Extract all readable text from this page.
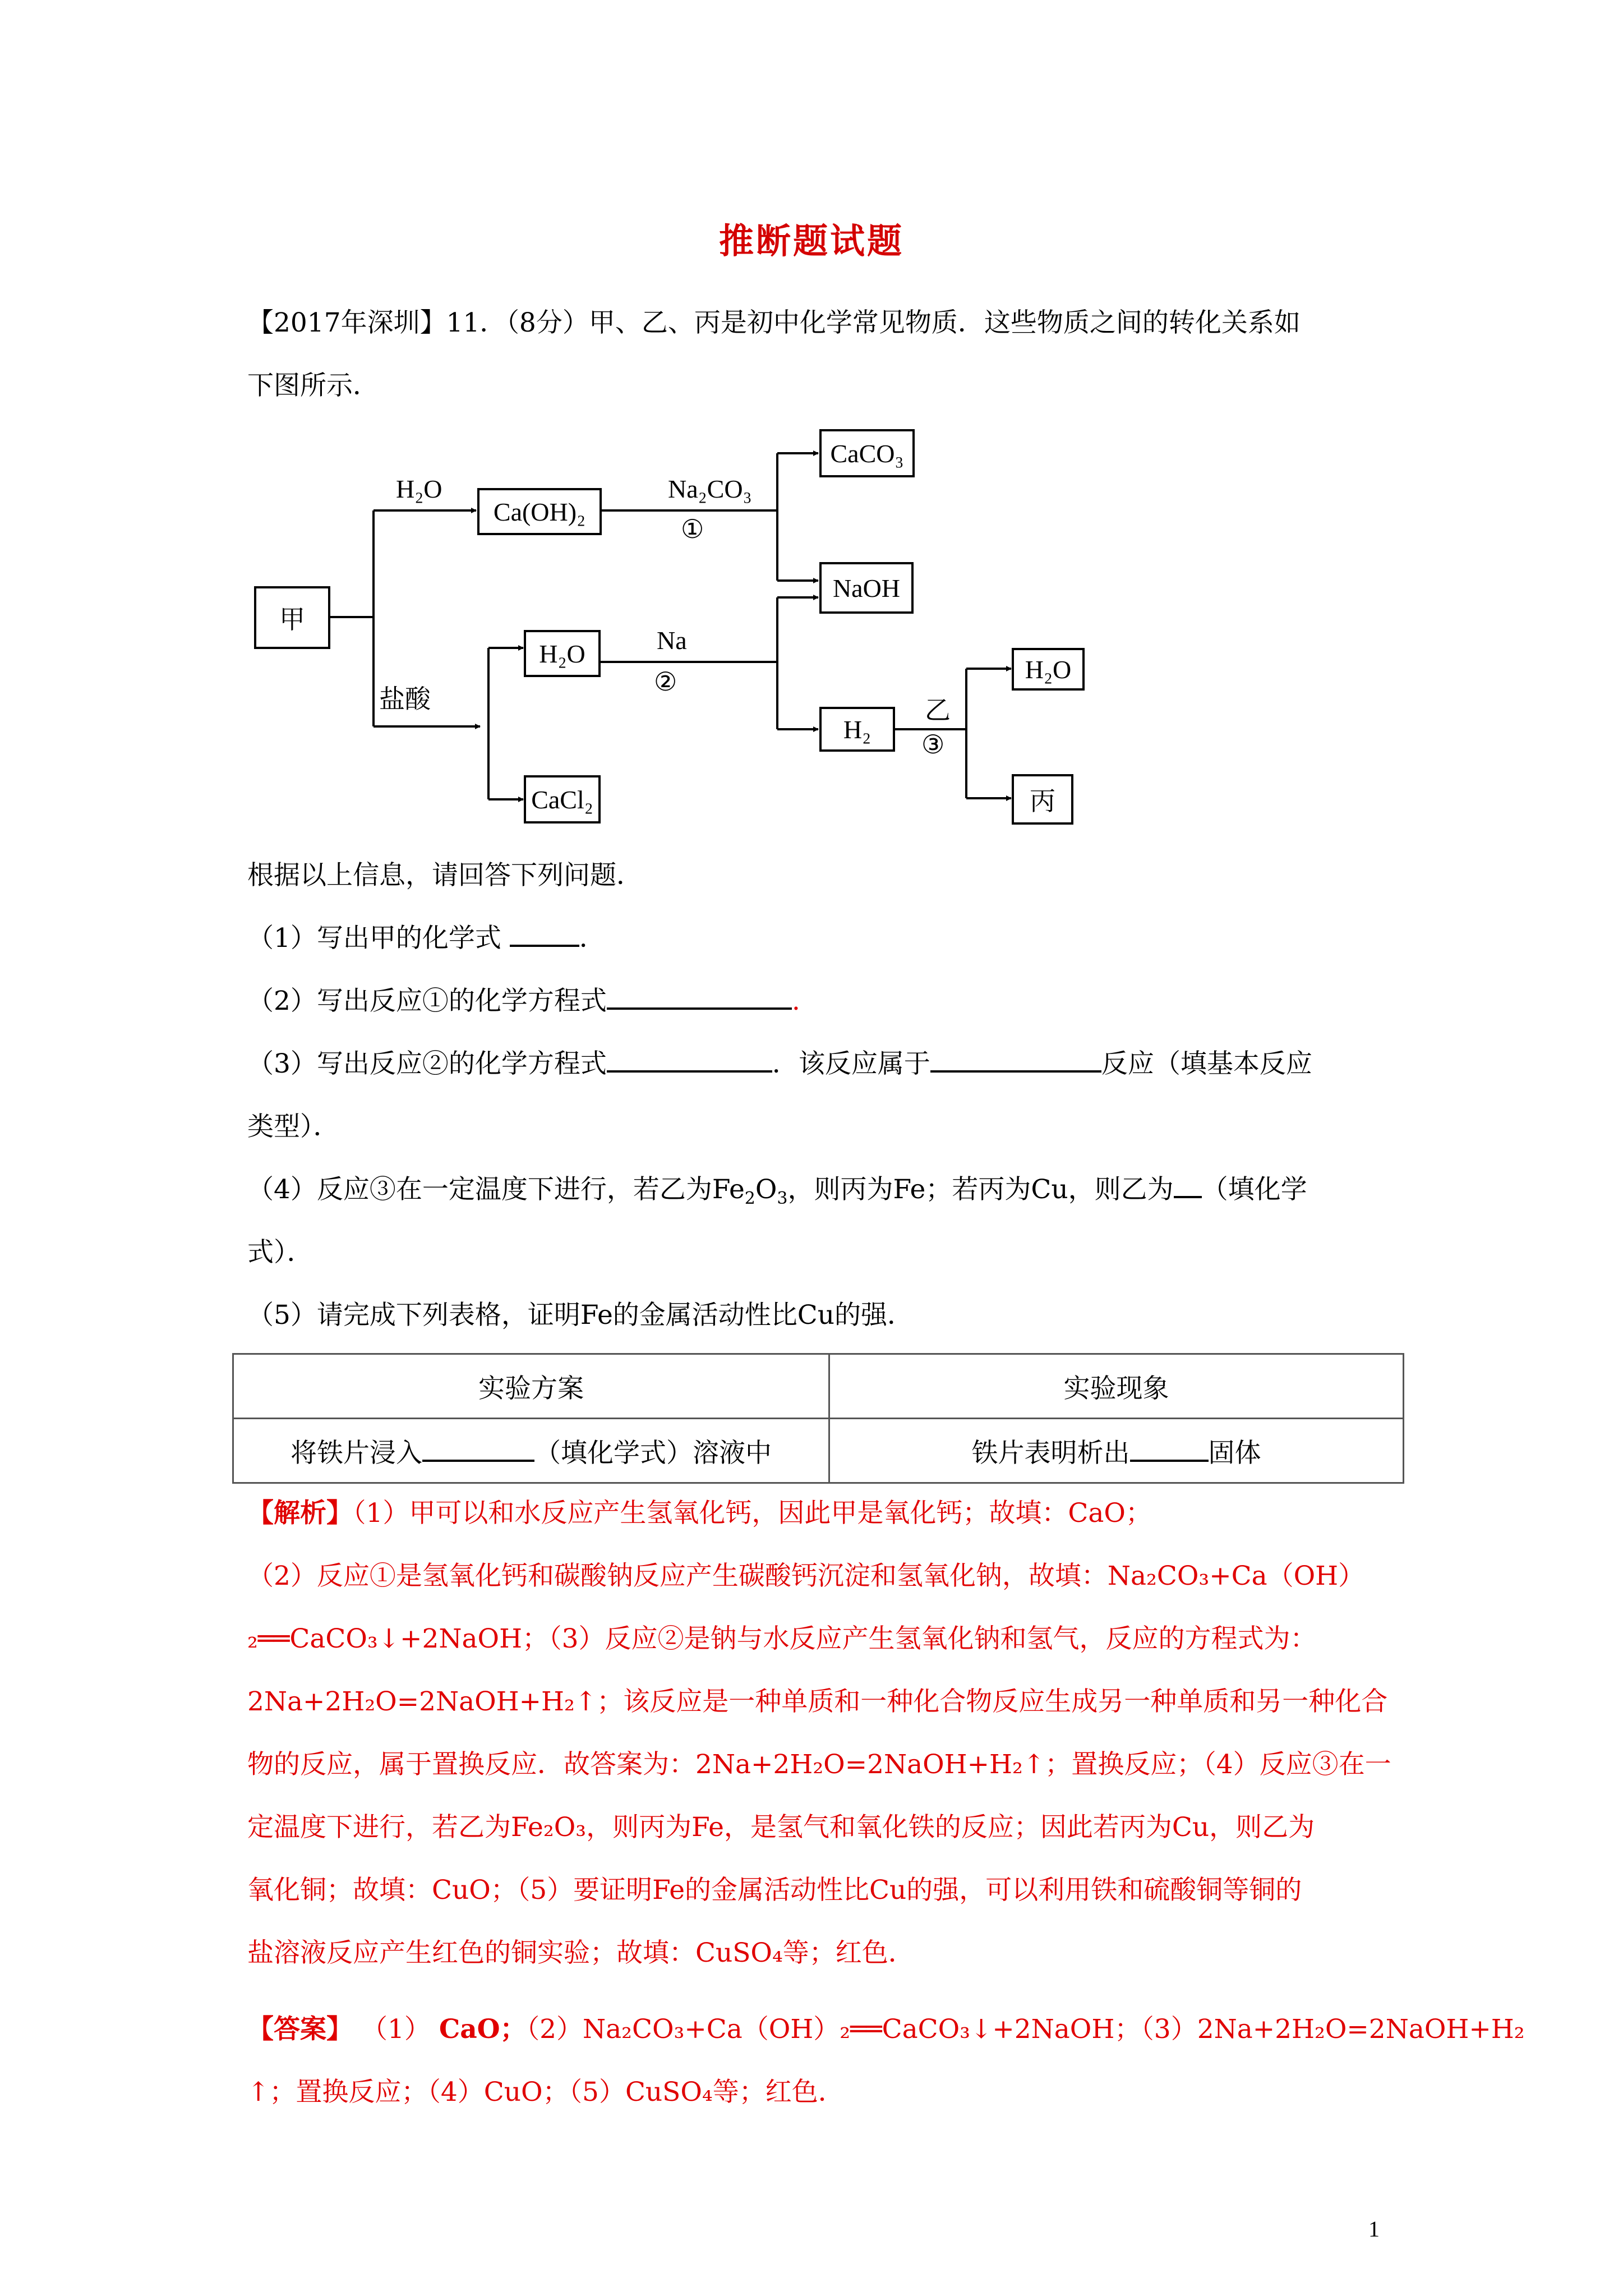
推断题试题
【2017年深圳】11．（8分）甲、乙、丙是初中化学常见物质．这些物质之间的转化关系如
下图所示．
甲
H₂O
Ca(OH)₂
Na₂CO₃
①
CaCO₃
NaOH
盐酸
H₂O	Na
②
CaCl₂
H₂
乙
③
H₂O
丙
根据以上信息，请回答下列问题．
（1）写出甲的化学式	．
（2）写出反应①的化学方程式	.
（3）写出反应②的化学方程式	．该反应属于	反应（填基本反应
类型）．
（4）反应③在一定温度下进行，若乙为$Fe_2O_3$，则丙为Fe；若丙为Cu，则乙为 （填化学
式）．
（5）请完成下列表格，证明Fe的金属活动性比Cu的强．
实验方案	实验现象
将铁片浸入 （填化学式）溶液中	铁片表明析出 固体
【解析】（1）甲可以和水反应产生氢氧化钙，因此甲是氧化钙；故填：CaO；
（2）反应①是氢氧化钙和碳酸钠反应产生碳酸钙沉淀和氢氧化钠，故填：Na₂CO₃+Ca（OH）
₂══CaCO₃↓+2NaOH；（3）反应②是钠与水反应产生氢氧化钠和氢气，反应的方程式为：
2Na+2H₂O=2NaOH+H₂↑；该反应是一种单质和一种化合物反应生成另一种单质和另一种化合
物的反应，属于置换反应．故答案为：2Na+2H₂O=2NaOH+H₂↑；置换反应；（4）反应③在一
定温度下进行，若乙为Fe₂O₃，则丙为Fe，是氢气和氧化铁的反应；因此若丙为Cu，则乙为
氧化铜；故填：CuO；（5）要证明Fe的金属活动性比Cu的强，可以利用铁和硫酸铜等铜的
盐溶液反应产生红色的铜实验；故填：CuSO₄等；红色．
【答案】 （1） CaO；（2）Na₂CO₃+Ca（OH）₂══CaCO₃↓+2NaOH；（3）2Na+2H₂O=2NaOH+H₂
↑；置换反应；（4）CuO；（5）CuSO₄等；红色．
1
